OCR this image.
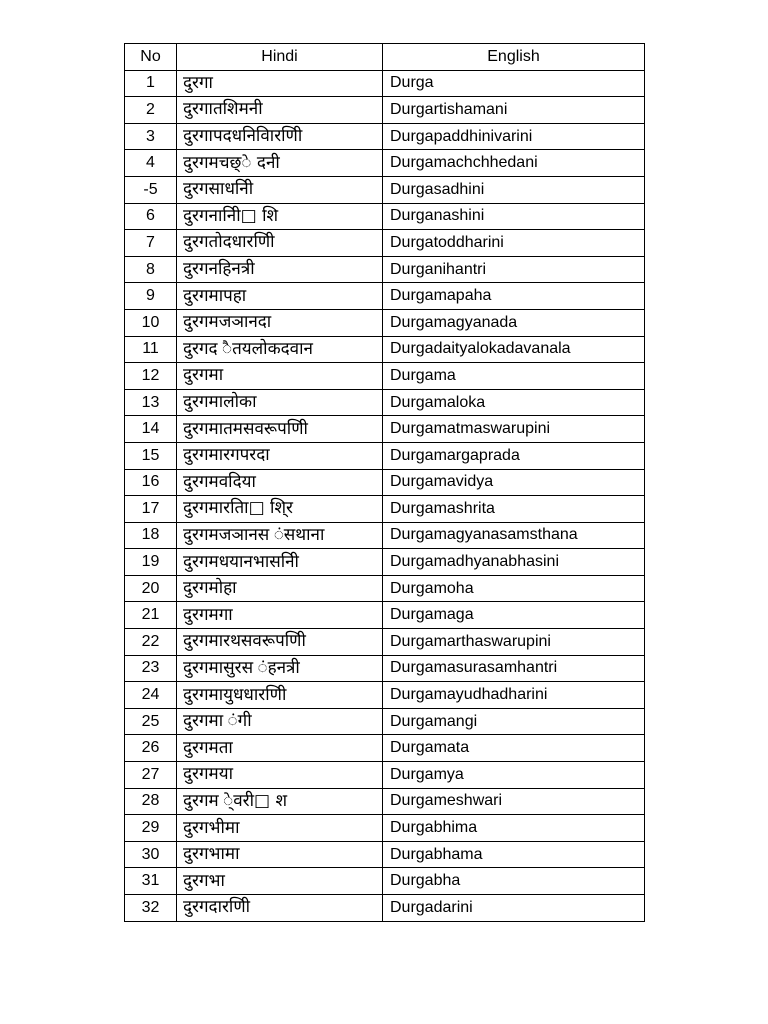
No	Hindi	English
1	दुरगा	Durga
2	दुरगातशिमनी	Durgartishamani
3	दुरगापदधनिविारणिी	Durgapaddhinivarini
4	दुरगमचछ्े दनी	Durgamachchhedani
-5	दुरगसाधनिी	Durgasadhini
6	दुरगनानिी□ शि	Durganashini
7	दुरगतोदधारणिी	Durgatoddharini
8	दुरगनहिनत्री	Durganihantri
9	दुरगमापहा	Durgamapaha
10	दुरगमजञानदा	Durgamagyanada
11	दुरगद ैतयलोकदवान	Durgadaityalokadavanala
12	दुरगमा	Durgama
13	दुरगमालोका	Durgamaloka
14	दुरगमातमसवरूपणिी	Durgamatmaswarupini
15	दुरगमारगपरदा	Durgamargaprada
16	दुरगमवदिया	Durgamavidya
17	दुरगमारतिा□ शि्र	Durgamashrita
18	दुरगमजञानस ंसथाना	Durgamagyanasamsthana
19	दुरगमधयानभासनिी	Durgamadhyanabhasini
20	दुरगमोहा	Durgamoha
21	दुरगमगा	Durgamaga
22	दुरगमारथसवरूपणिी	Durgamarthaswarupini
23	दुरगमासुरस ंहनत्री	Durgamasurasamhantri
24	दुरगमायुधधारणिी	Durgamayudhadharini
25	दुरगमा ंगी	Durgamangi
26	दुरगमता	Durgamata
27	दुरगमया	Durgamya
28	दुरगम े्वरी□ श	Durgameshwari
29	दुरगभीमा	Durgabhima
30	दुरगभामा	Durgabhama
31	दुरगभा	Durgabha
32	दुरगदारणिी	Durgadarini
